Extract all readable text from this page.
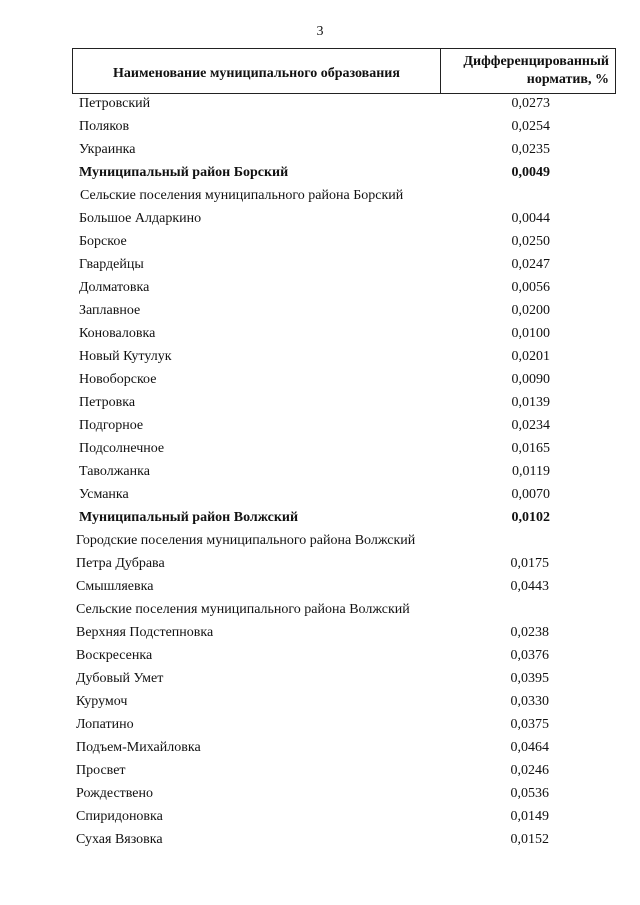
3
Наименование муниципального образования
Дифференцированный
норматив, %
Петровский	0,0273
Поляков	0,0254
Украинка	0,0235
Муниципальный район Борский	0,0049
Сельские поселения муниципального района Борский
Большое Алдаркино	0,0044
Борское	0,0250
Гвардейцы	0,0247
Долматовка	0,0056
Заплавное	0,0200
Коноваловка	0,0100
Новый Кутулук	0,0201
Новоборское	0,0090
Петровка	0,0139
Подгорное	0,0234
Подсолнечное	0,0165
Таволжанка	0,0119
Усманка	0,0070
Муниципальный район Волжский	0,0102
Городские поселения муниципального района Волжский
Петра Дубрава	0,0175
Смышляевка	0,0443
Сельские поселения муниципального района Волжский
Верхняя Подстепновка	0,0238
Воскресенка	0,0376
Дубовый Умет	0,0395
Курумоч	0,0330
Лопатино	0,0375
Подъем-Михайловка	0,0464
Просвет	0,0246
Рождествено	0,0536
Спиридоновка	0,0149
Сухая Вязовка	0,0152
